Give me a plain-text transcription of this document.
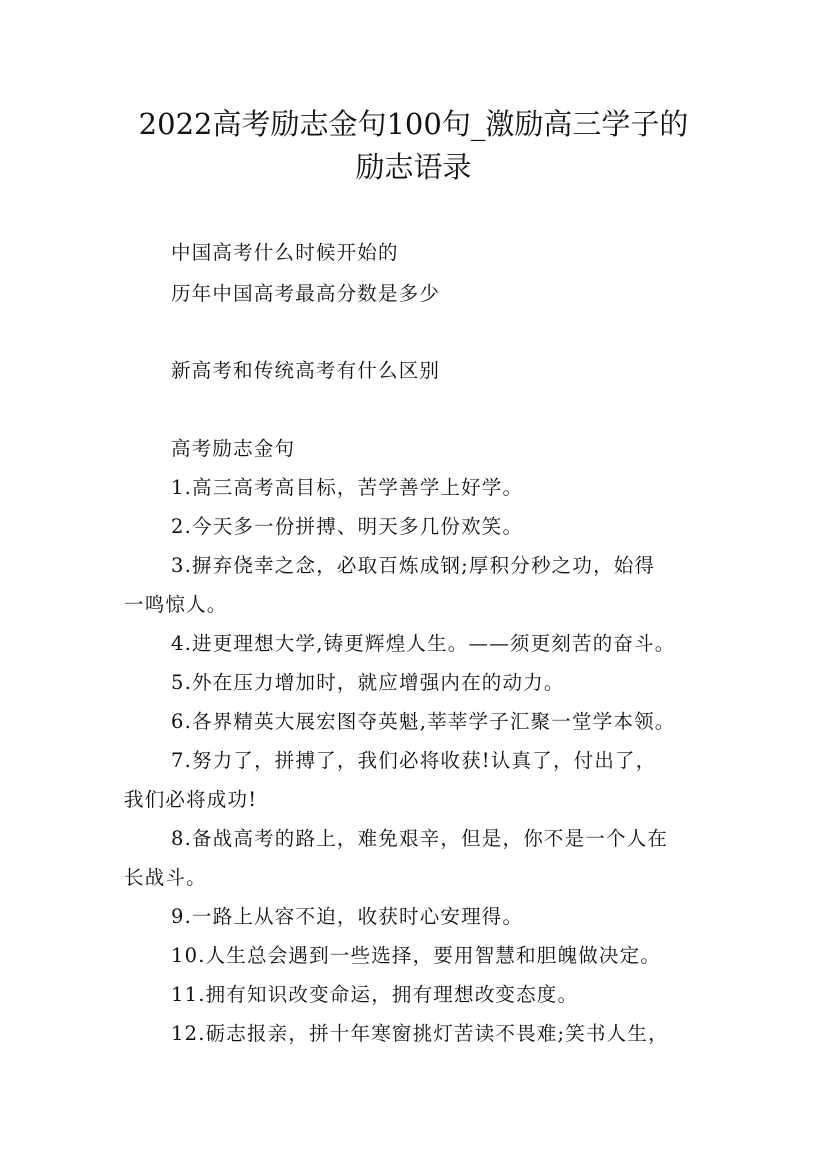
2022高考励志金句100句_激励高三学子的
励志语录
中国高考什么时候开始的
历年中国高考最高分数是多少
新高考和传统高考有什么区别
高考励志金句
1.高三高考高目标，苦学善学上好学。
2.今天多一份拼搏、明天多几份欢笑。
3.摒弃侥幸之念，必取百炼成钢;厚积分秒之功，始得
一鸣惊人。
4.进更理想大学,铸更辉煌人生。——须更刻苦的奋斗。
5.外在压力增加时，就应增强内在的动力。
6.各界精英大展宏图夺英魁,莘莘学子汇聚一堂学本领。
7.努力了，拼搏了，我们必将收获!认真了，付出了，
我们必将成功!
8.备战高考的路上，难免艰辛，但是，你不是一个人在
长战斗。
9.一路上从容不迫，收获时心安理得。
10.人生总会遇到一些选择，要用智慧和胆魄做决定。
11.拥有知识改变命运，拥有理想改变态度。
12.砺志报亲，拼十年寒窗挑灯苦读不畏难;笑书人生，
